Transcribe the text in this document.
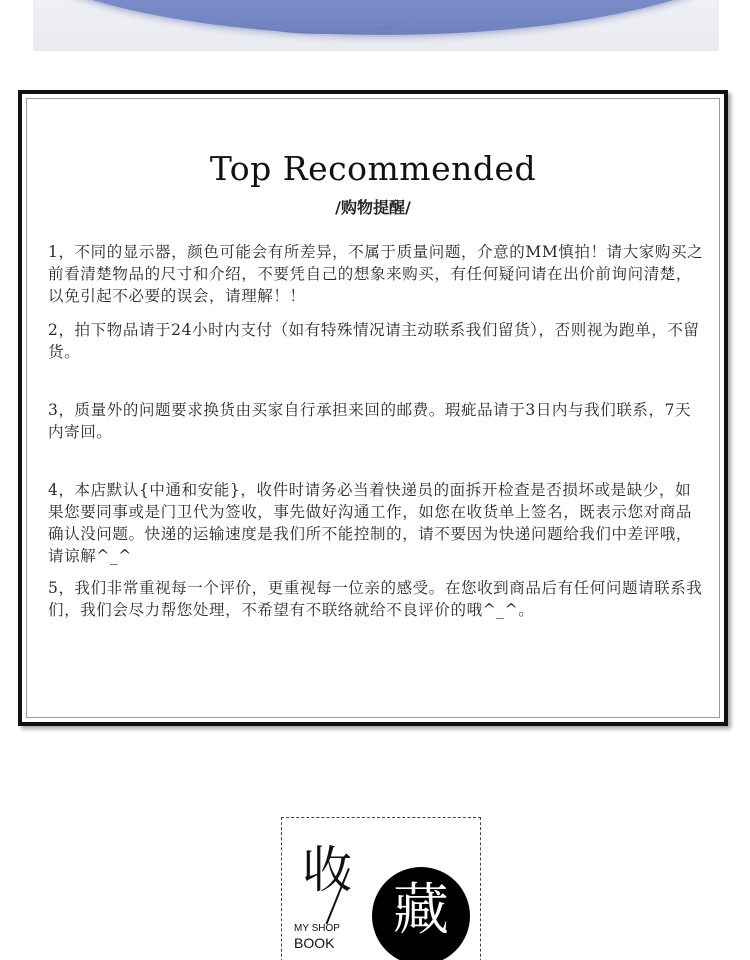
Top Recommended
/购物提醒/

1，不同的显示器，颜色可能会有所差异，不属于质量问题，介意的MM慎拍！请大家购买之前看清楚物品的尺寸和介绍，不要凭自己的想象来购买，有任何疑问请在出价前询问清楚，以免引起不必要的误会，请理解！！

2，拍下物品请于24小时内支付（如有特殊情况请主动联系我们留货），否则视为跑单，不留货。

3，质量外的问题要求换货由买家自行承担来回的邮费。瑕疵品请于3日内与我们联系，7天内寄回。

4，本店默认{中通和安能}，收件时请务必当着快递员的面拆开检查是否损坏或是缺少，如果您要同事或是门卫代为签收，事先做好沟通工作，如您在收货单上签名，既表示您对商品确认没问题。快递的运输速度是我们所不能控制的，请不要因为快递问题给我们中差评哦，请谅解^_^

5，我们非常重视每一个评价，更重视每一位亲的感受。在您收到商品后有任何问题请联系我们，我们会尽力帮您处理，不希望有不联络就给不良评价的哦^_^。

收
MY SHOP
BOOK	藏
